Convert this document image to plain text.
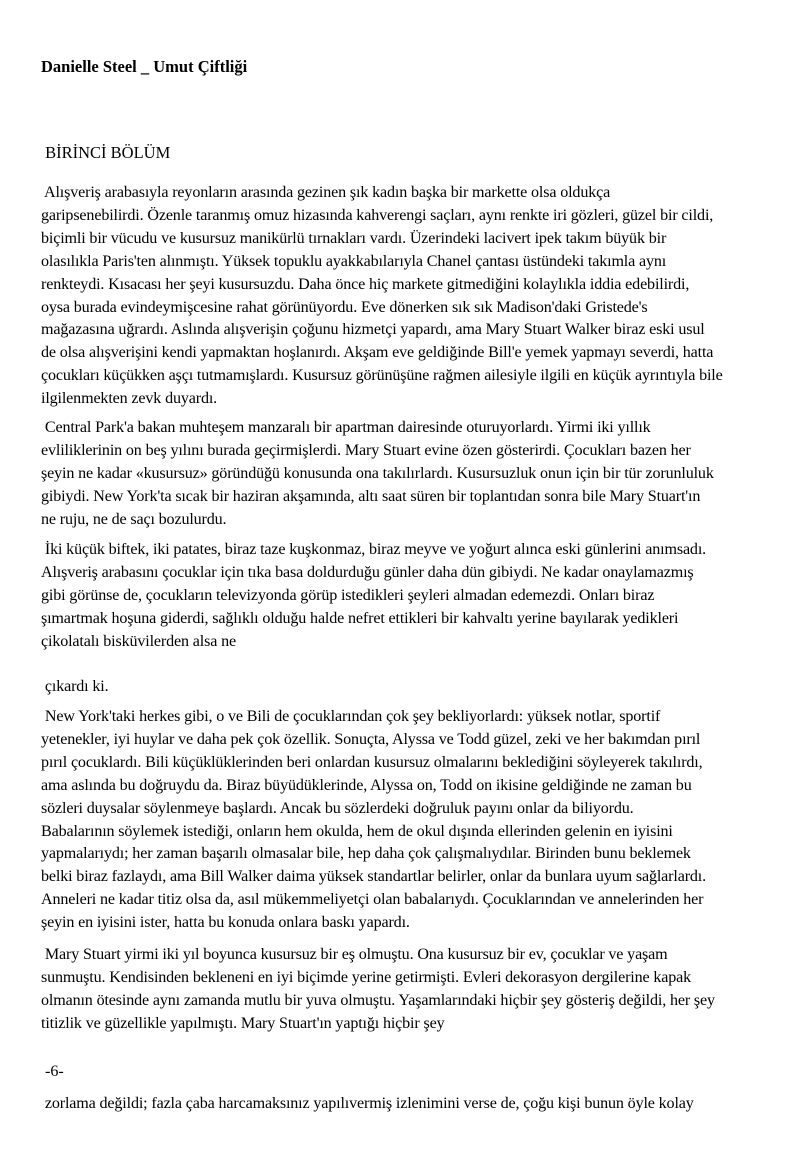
Danielle Steel _ Umut Çiftliği
BİRİNCİ BÖLÜM
Alışveriş arabasıyla reyonların arasında gezinen şık kadın başka bir markette olsa oldukça
garipsenebilirdi. Özenle taranmış omuz hizasında kahverengi saçları, aynı renkte iri gözleri, güzel bir cildi,
biçimli bir vücudu ve kusursuz manikürlü tırnakları vardı. Üzerindeki lacivert ipek takım büyük bir
olasılıkla Paris'ten alınmıştı. Yüksek topuklu ayakkabılarıyla Chanel çantası üstündeki takımla aynı
renkteydi. Kısacası her şeyi kusursuzdu. Daha önce hiç markete gitmediğini kolaylıkla iddia edebilirdi,
oysa burada evindeymişcesine rahat görünüyordu. Eve dönerken sık sık Madison'daki Gristede's
mağazasına uğrardı. Aslında alışverişin çoğunu hizmetçi yapardı, ama Mary Stuart Walker biraz eski usul
de olsa alışverişini kendi yapmaktan hoşlanırdı. Akşam eve geldiğinde Bill'e yemek yapmayı severdi, hatta
çocukları küçükken aşçı tutmamışlardı. Kusursuz görünüşüne rağmen ailesiyle ilgili en küçük ayrıntıyla bile
ilgilenmekten zevk duyardı.
Central Park'a bakan muhteşem manzaralı bir apartman dairesinde oturuyorlardı. Yirmi iki yıllık
evliliklerinin on beş yılını burada geçirmişlerdi. Mary Stuart evine özen gösterirdi. Çocukları bazen her
şeyin ne kadar «kusursuz» göründüğü konusunda ona takılırlardı. Kusursuzluk onun için bir tür zorunluluk
gibiydi. New York'ta sıcak bir haziran akşamında, altı saat süren bir toplantıdan sonra bile Mary Stuart'ın
ne ruju, ne de saçı bozulurdu.
İki küçük biftek, iki patates, biraz taze kuşkonmaz, biraz meyve ve yoğurt alınca eski günlerini anımsadı.
Alışveriş arabasını çocuklar için tıka basa doldurduğu günler daha dün gibiydi. Ne kadar onaylamazmış
gibi görünse de, çocukların televizyonda görüp istedikleri şeyleri almadan edemezdi. Onları biraz
şımartmak hoşuna giderdi, sağlıklı olduğu halde nefret ettikleri bir kahvaltı yerine bayılarak yedikleri
çikolatalı bisküvilerden alsa ne
çıkardı ki.
New York'taki herkes gibi, o ve Bili de çocuklarından çok şey bekliyorlardı: yüksek notlar, sportif
yetenekler, iyi huylar ve daha pek çok özellik. Sonuçta, Alyssa ve Todd güzel, zeki ve her bakımdan pırıl
pırıl çocuklardı. Bili küçüklüklerinden beri onlardan kusursuz olmalarını beklediğini söyleyerek takılırdı,
ama aslında bu doğruydu da. Biraz büyüdüklerinde, Alyssa on, Todd on ikisine geldiğinde ne zaman bu
sözleri duysalar söylenmeye başlardı. Ancak bu sözlerdeki doğruluk payını onlar da biliyordu.
Babalarının söylemek istediği, onların hem okulda, hem de okul dışında ellerinden gelenin en iyisini
yapmalarıydı; her zaman başarılı olmasalar bile, hep daha çok çalışmalıydılar. Birinden bunu beklemek
belki biraz fazlaydı, ama Bill Walker daima yüksek standartlar belirler, onlar da bunlara uyum sağlarlardı.
Anneleri ne kadar titiz olsa da, asıl mükemmeliyetçi olan babalarıydı. Çocuklarından ve annelerinden her
şeyin en iyisini ister, hatta bu konuda onlara baskı yapardı.
Mary Stuart yirmi iki yıl boyunca kusursuz bir eş olmuştu. Ona kusursuz bir ev, çocuklar ve yaşam
sunmuştu. Kendisinden bekleneni en iyi biçimde yerine getirmişti. Evleri dekorasyon dergilerine kapak
olmanın ötesinde aynı zamanda mutlu bir yuva olmuştu. Yaşamlarındaki hiçbir şey gösteriş değildi, her şey
titizlik ve güzellikle yapılmıştı. Mary Stuart'ın yaptığı hiçbir şey
-6-
zorlama değildi; fazla çaba harcamaksınız yapılıvermiş izlenimini verse de, çoğu kişi bunun öyle kolay
